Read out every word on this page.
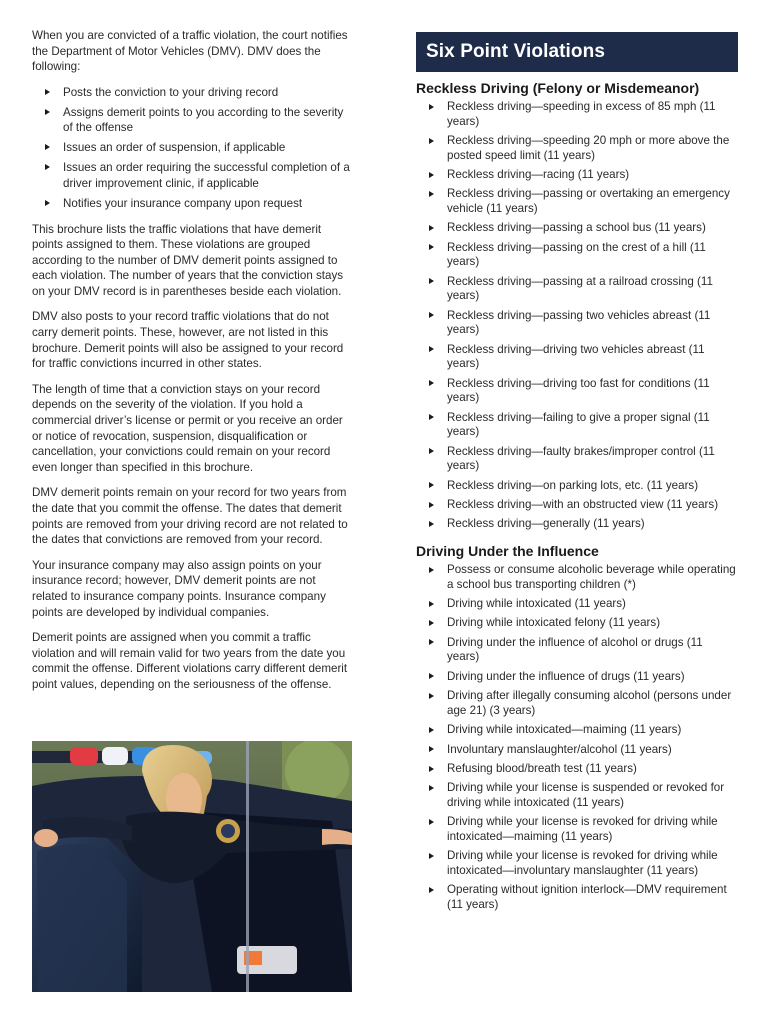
When you are convicted of a traffic violation, the court notifies the Department of Motor Vehicles (DMV). DMV does the following:

Posts the conviction to your driving record
Assigns demerit points to you according to the severity of the offense
Issues an order of suspension, if applicable
Issues an order requiring the successful completion of a driver improvement clinic, if applicable
Notifies your insurance company upon request

This brochure lists the traffic violations that have demerit points assigned to them. These violations are grouped according to the number of DMV demerit points assigned to each violation. The number of years that the conviction stays on your DMV record is in parentheses beside each violation.

DMV also posts to your record traffic violations that do not carry demerit points. These, however, are not listed in this brochure. Demerit points will also be assigned to your record for traffic convictions incurred in other states.

The length of time that a conviction stays on your record depends on the severity of the violation. If you hold a commercial driver’s license or permit or you receive an order or notice of revocation, suspension, disqualification or cancellation, your convictions could remain on your record even longer than specified in this brochure.

DMV demerit points remain on your record for two years from the date that you commit the offense. The dates that demerit points are removed from your driving record are not related to the dates that convictions are removed from your record.

Your insurance company may also assign points on your insurance record; however, DMV demerit points are not related to insurance company points. Insurance company points are developed by individual companies.

Demerit points are assigned when you commit a traffic violation and will remain valid for two years from the date you commit the offense. Different violations carry different demerit point values, depending on the seriousness of the offense.

Six Point Violations
Reckless Driving (Felony or Misdemeanor)
Reckless driving—speeding in excess of 85 mph (11 years)
Reckless driving—speeding 20 mph or more above the posted speed limit (11 years)
Reckless driving—racing (11 years)
Reckless driving—passing or overtaking an emergency vehicle (11 years)
Reckless driving—passing a school bus (11 years)
Reckless driving—passing on the crest of a hill (11 years)
Reckless driving—passing at a railroad crossing (11 years)
Reckless driving—passing two vehicles abreast (11 years)
Reckless driving—driving two vehicles abreast (11 years)
Reckless driving—driving too fast for conditions (11 years)
Reckless driving—failing to give a proper signal (11 years)
Reckless driving—faulty brakes/improper control (11 years)
Reckless driving—on parking lots, etc. (11 years)
Reckless driving—with an obstructed view (11 years)
Reckless driving—generally (11 years)
Driving Under the Influence
Possess or consume alcoholic beverage while operating a school bus transporting children (*)
Driving while intoxicated (11 years)
Driving while intoxicated felony (11 years)
Driving under the influence of alcohol or drugs (11 years)
Driving under the influence of drugs (11 years)
Driving after illegally consuming alcohol (persons under age 21) (3 years)
Driving while intoxicated—maiming (11 years)
Involuntary manslaughter/alcohol (11 years)
Refusing blood/breath test (11 years)
Driving while your license is suspended or revoked for driving while intoxicated (11 years)
Driving while your license is revoked for driving while intoxicated—maiming (11 years)
Driving while your license is revoked for driving while intoxicated—involuntary manslaughter (11 years)
Operating without ignition interlock—DMV requirement (11 years)
